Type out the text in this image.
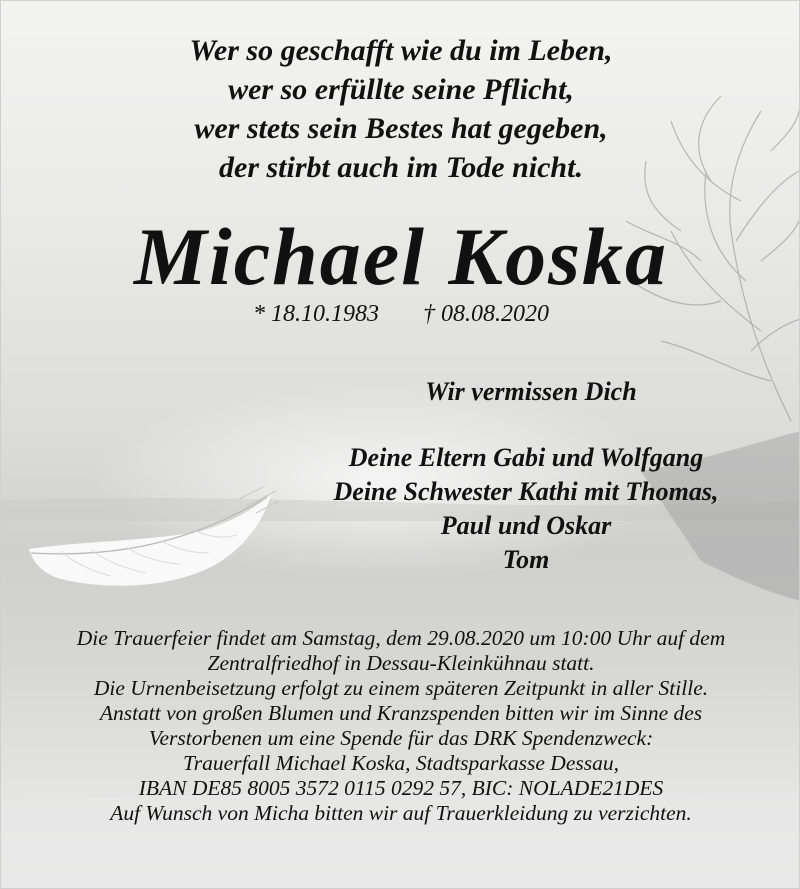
Wer so geschafft wie du im Leben,
wer so erfüllte seine Pflicht,
wer stets sein Bestes hat gegeben,
der stirbt auch im Tode nicht.
Michael Koska
* 18.10.1983 † 08.08.2020
Wir vermissen Dich
Deine Eltern Gabi und Wolfgang
Deine Schwester Kathi mit Thomas,
Paul und Oskar
Tom
Die Trauerfeier findet am Samstag, dem 29.08.2020 um 10:00 Uhr auf dem
Zentralfriedhof in Dessau-Kleinkühnau statt.
Die Urnenbeisetzung erfolgt zu einem späteren Zeitpunkt in aller Stille.
Anstatt von großen Blumen und Kranzspenden bitten wir im Sinne des
Verstorbenen um eine Spende für das DRK Spendenzweck:
Trauerfall Michael Koska, Stadtsparkasse Dessau,
IBAN DE85 8005 3572 0115 0292 57, BIC: NOLADE21DES
Auf Wunsch von Micha bitten wir auf Trauerkleidung zu verzichten.
